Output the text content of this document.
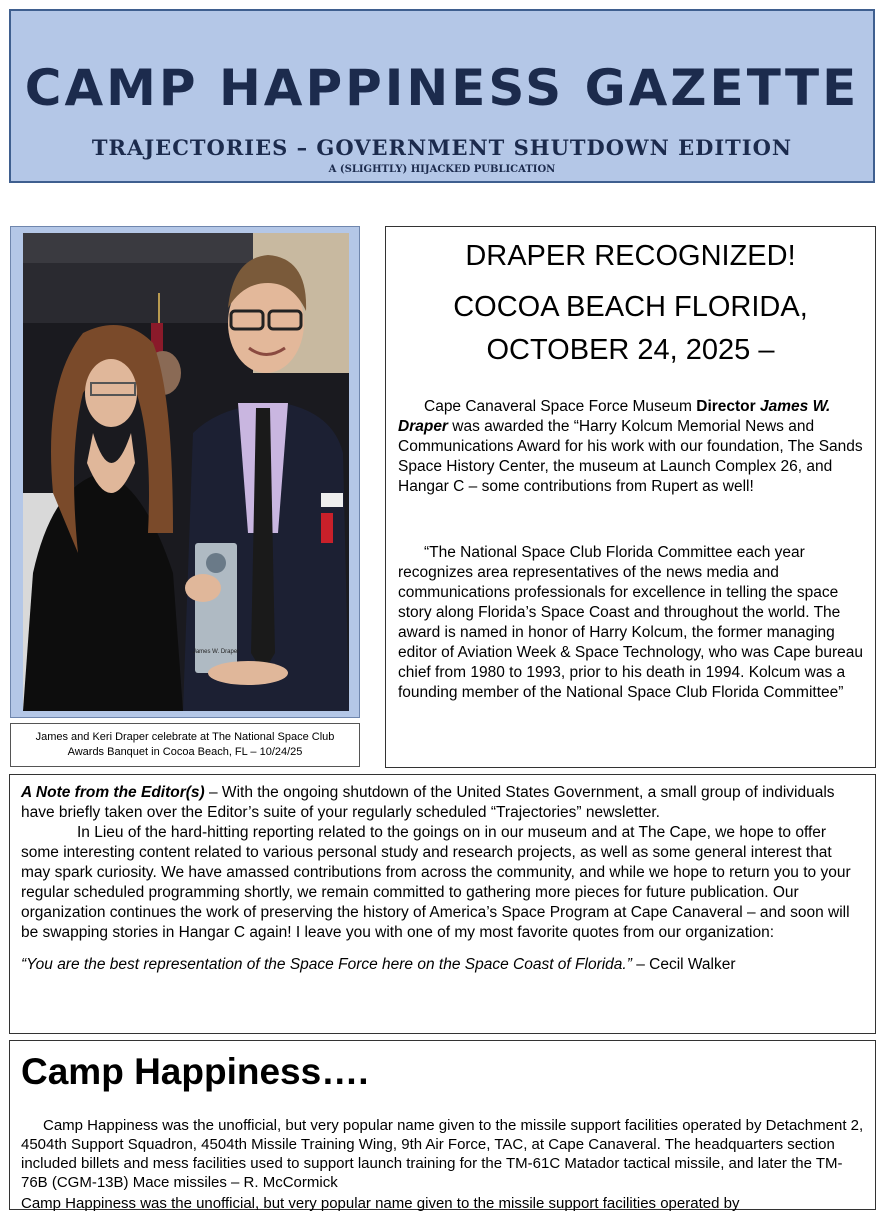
CAMP HAPPINESS GAZETTE
TRAJECTORIES – GOVERNMENT SHUTDOWN EDITION
A (SLIGHTLY) HIJACKED PUBLICATION
James W. Draper
James and Keri Draper celebrate at The National Space Club
Awards Banquet in Cocoa Beach, FL – 10/24/25
DRAPER RECOGNIZED!
COCOA BEACH FLORIDA,
OCTOBER 24, 2025 –
Cape Canaveral Space Force Museum Director James W. Draper was awarded the “Harry Kolcum Memorial News and Communications Award for his work with our foundation, The Sands Space History Center, the museum at Launch Complex 26, and Hangar C – some contributions from Rupert as well!
“The National Space Club Florida Committee each year recognizes area representatives of the news media and communications professionals for excellence in telling the space story along Florida’s Space Coast and throughout the world. The award is named in honor of Harry Kolcum, the former managing editor of Aviation Week & Space Technology, who was Cape bureau chief from 1980 to 1993, prior to his death in 1994. Kolcum was a founding member of the National Space Club Florida Committee”
A Note from the Editor(s) – With the ongoing shutdown of the United States Government, a small group of individuals have briefly taken over the Editor’s suite of your regularly scheduled “Trajectories” newsletter.
In Lieu of the hard-hitting reporting related to the goings on in our museum and at The Cape, we hope to offer some interesting content related to various personal study and research projects, as well as some general interest that may spark curiosity. We have amassed contributions from across the community, and while we hope to return you to your regular scheduled programming shortly, we remain committed to gathering more pieces for future publication. Our organization continues the work of preserving the history of America’s Space Program at Cape Canaveral – and soon will be swapping stories in Hangar C again! I leave you with one of my most favorite quotes from our organization:
“You are the best representation of the Space Force here on the Space Coast of Florida.” – Cecil Walker
Camp Happiness….
Camp Happiness was the unofficial, but very popular name given to the missile support facilities operated by Detachment 2, 4504th Support Squadron, 4504th Missile Training Wing, 9th Air Force, TAC, at Cape Canaveral. The headquarters section included billets and mess facilities used to support launch training for the TM-61C Matador tactical missile, and later the TM-76B (CGM-13B) Mace missiles – R. McCormick
Camp Happiness was the unofficial, but very popular name given to the missile support facilities operated by
